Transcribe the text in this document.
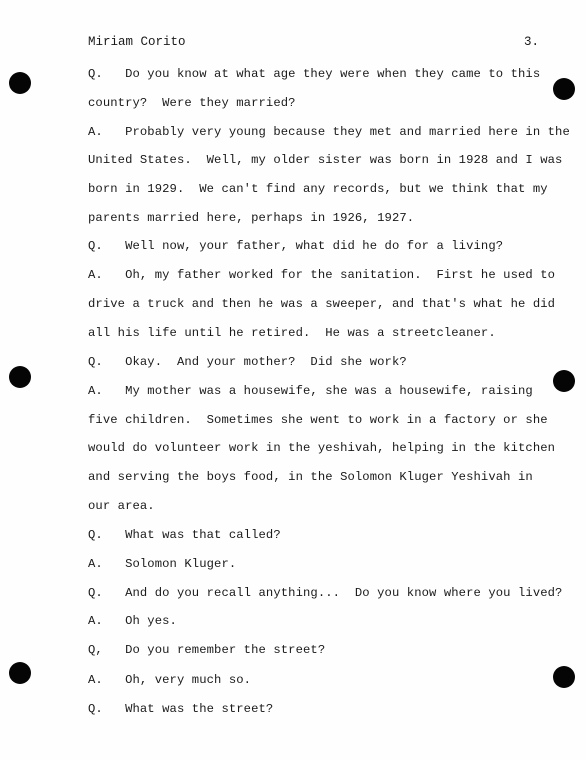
Miriam Corito	3.
Q.   Do you know at what age they were when they came to this
country?  Were they married?
A.   Probably very young because they met and married here in the
United States.  Well, my older sister was born in 1928 and I was
born in 1929.  We can't find any records, but we think that my
parents married here, perhaps in 1926, 1927.
Q.   Well now, your father, what did he do for a living?
A.   Oh, my father worked for the sanitation.  First he used to
drive a truck and then he was a sweeper, and that's what he did
all his life until he retired.  He was a streetcleaner.
Q.   Okay.  And your mother?  Did she work?
A.   My mother was a housewife, she was a housewife, raising
five children.  Sometimes she went to work in a factory or she
would do volunteer work in the yeshivah, helping in the kitchen
and serving the boys food, in the Solomon Kluger Yeshivah in
our area.
Q.   What was that called?
A.   Solomon Kluger.
Q.   And do you recall anything...  Do you know where you lived?
A.   Oh yes.
Q,   Do you remember the street?
A.   Oh, very much so.
Q.   What was the street?
